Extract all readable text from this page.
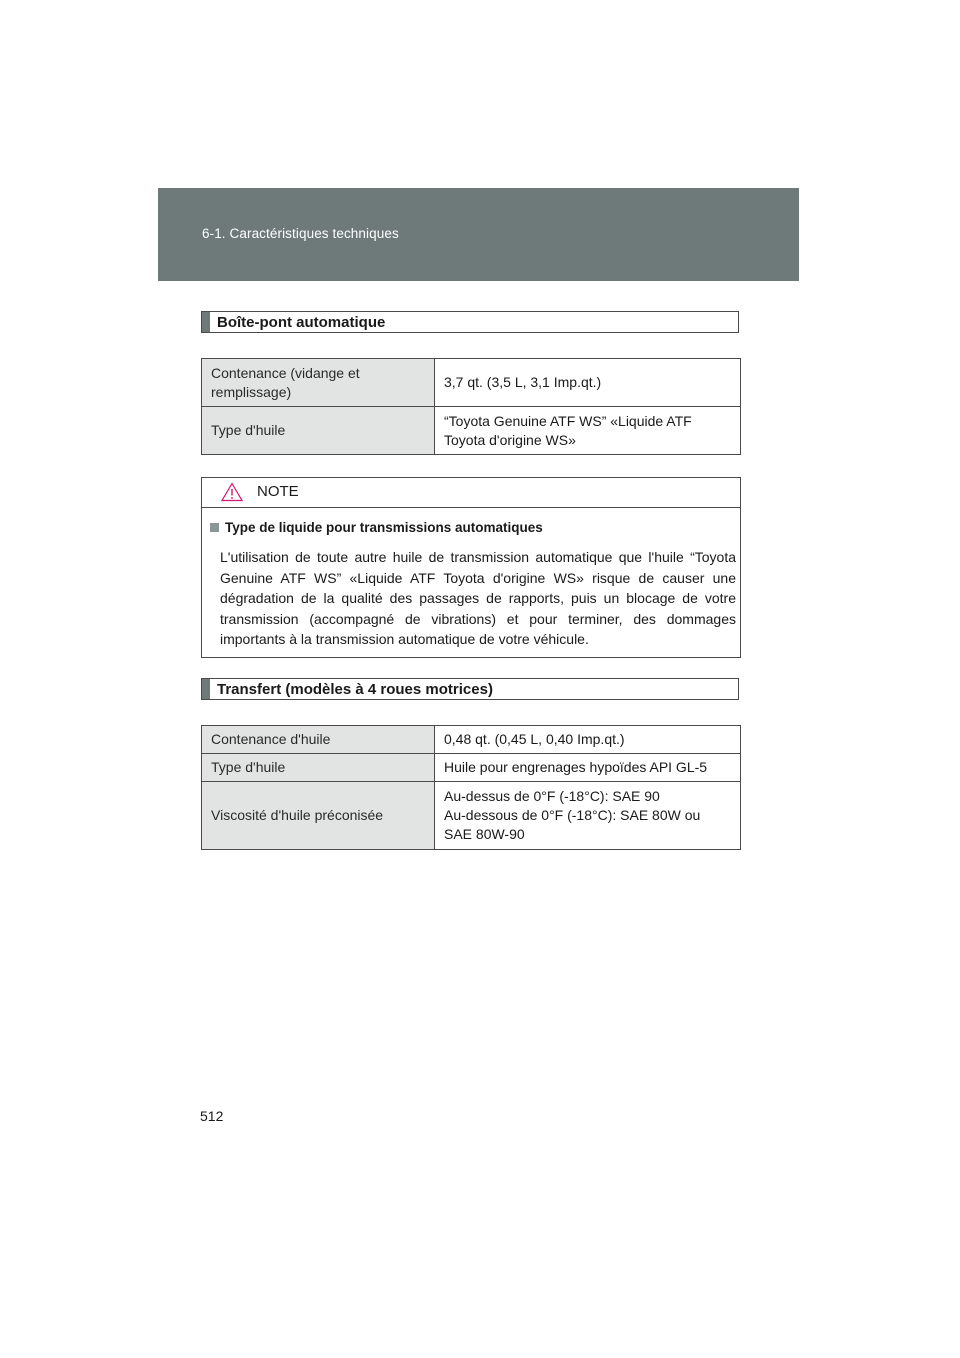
6-1. Caractéristiques techniques
Boîte-pont automatique
Contenance (vidange et remplissage)	3,7 qt. (3,5 L, 3,1 Imp.qt.)
Type d'huile	“Toyota Genuine ATF WS” «Liquide ATF Toyota d'origine WS»
NOTE
Type de liquide pour transmissions automatiques
L'utilisation de toute autre huile de transmission automatique que l'huile “Toyota Genuine ATF WS” «Liquide ATF Toyota d'origine WS» risque de causer une dégradation de la qualité des passages de rapports, puis un blocage de votre transmission (accompagné de vibrations) et pour terminer, des dommages importants à la transmission automatique de votre véhicule.
Transfert (modèles à 4 roues motrices)
Contenance d'huile	0,48 qt. (0,45 L, 0,40 Imp.qt.)
Type d'huile	Huile pour engrenages hypoïdes API GL-5
Viscosité d'huile préconisée	Au-dessus de 0°F (-18°C): SAE 90
Au-dessous de 0°F (-18°C): SAE 80W ou SAE 80W-90
512
